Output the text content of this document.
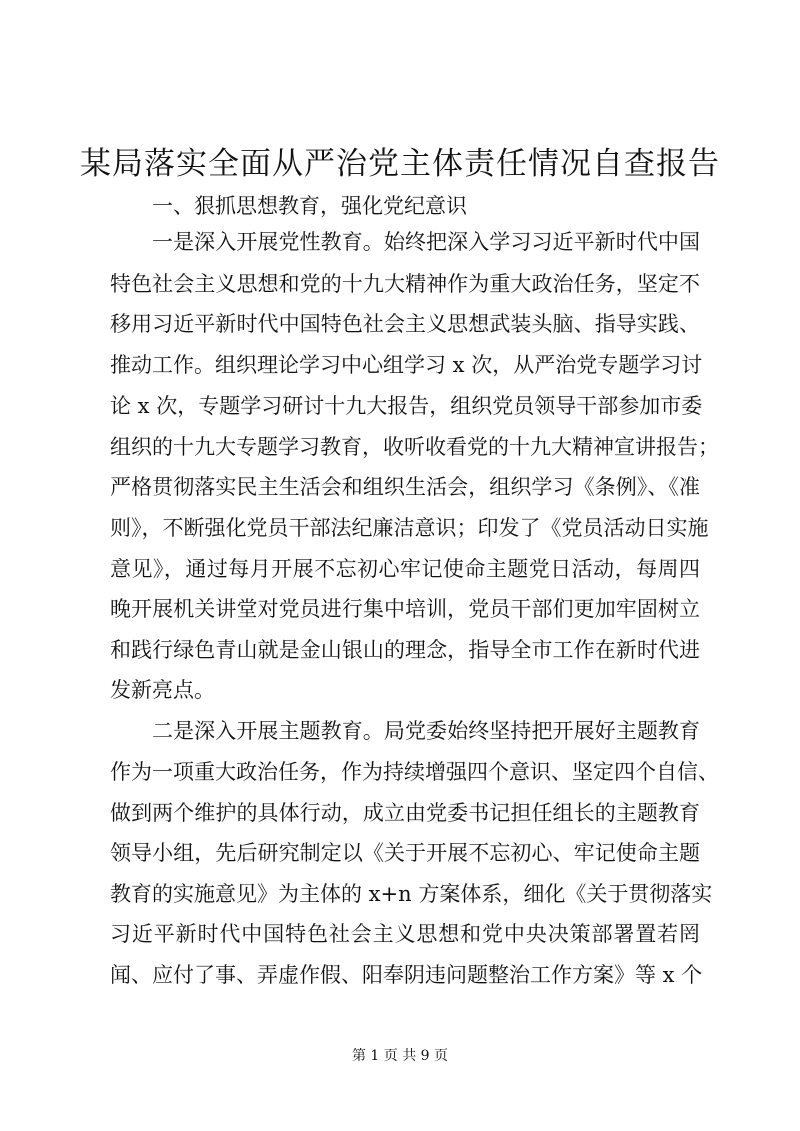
某局落实全面从严治党主体责任情况自查报告
一、狠抓思想教育，强化党纪意识
一是深入开展党性教育。始终把深入学习习近平新时代中国
特色社会主义思想和党的十九大精神作为重大政治任务，坚定不
移用习近平新时代中国特色社会主义思想武装头脑、指导实践、
推动工作。组织理论学习中心组学习 x 次，从严治党专题学习讨
论 x 次，专题学习研讨十九大报告，组织党员领导干部参加市委
组织的十九大专题学习教育，收听收看党的十九大精神宣讲报告；
严格贯彻落实民主生活会和组织生活会，组织学习《条例》、《准
则》，不断强化党员干部法纪廉洁意识；印发了《党员活动日实施
意见》，通过每月开展不忘初心牢记使命主题党日活动，每周四
晚开展机关讲堂对党员进行集中培训，党员干部们更加牢固树立
和践行绿色青山就是金山银山的理念，指导全市工作在新时代进
发新亮点。
二是深入开展主题教育。局党委始终坚持把开展好主题教育
作为一项重大政治任务，作为持续增强四个意识、坚定四个自信、
做到两个维护的具体行动，成立由党委书记担任组长的主题教育
领导小组，先后研究制定以《关于开展不忘初心、牢记使命主题
教育的实施意见》为主体的 x+n 方案体系，细化《关于贯彻落实
习近平新时代中国特色社会主义思想和党中央决策部署置若罔
闻、应付了事、弄虚作假、阳奉阴违问题整治工作方案》等 x 个
第 1 页 共 9 页
